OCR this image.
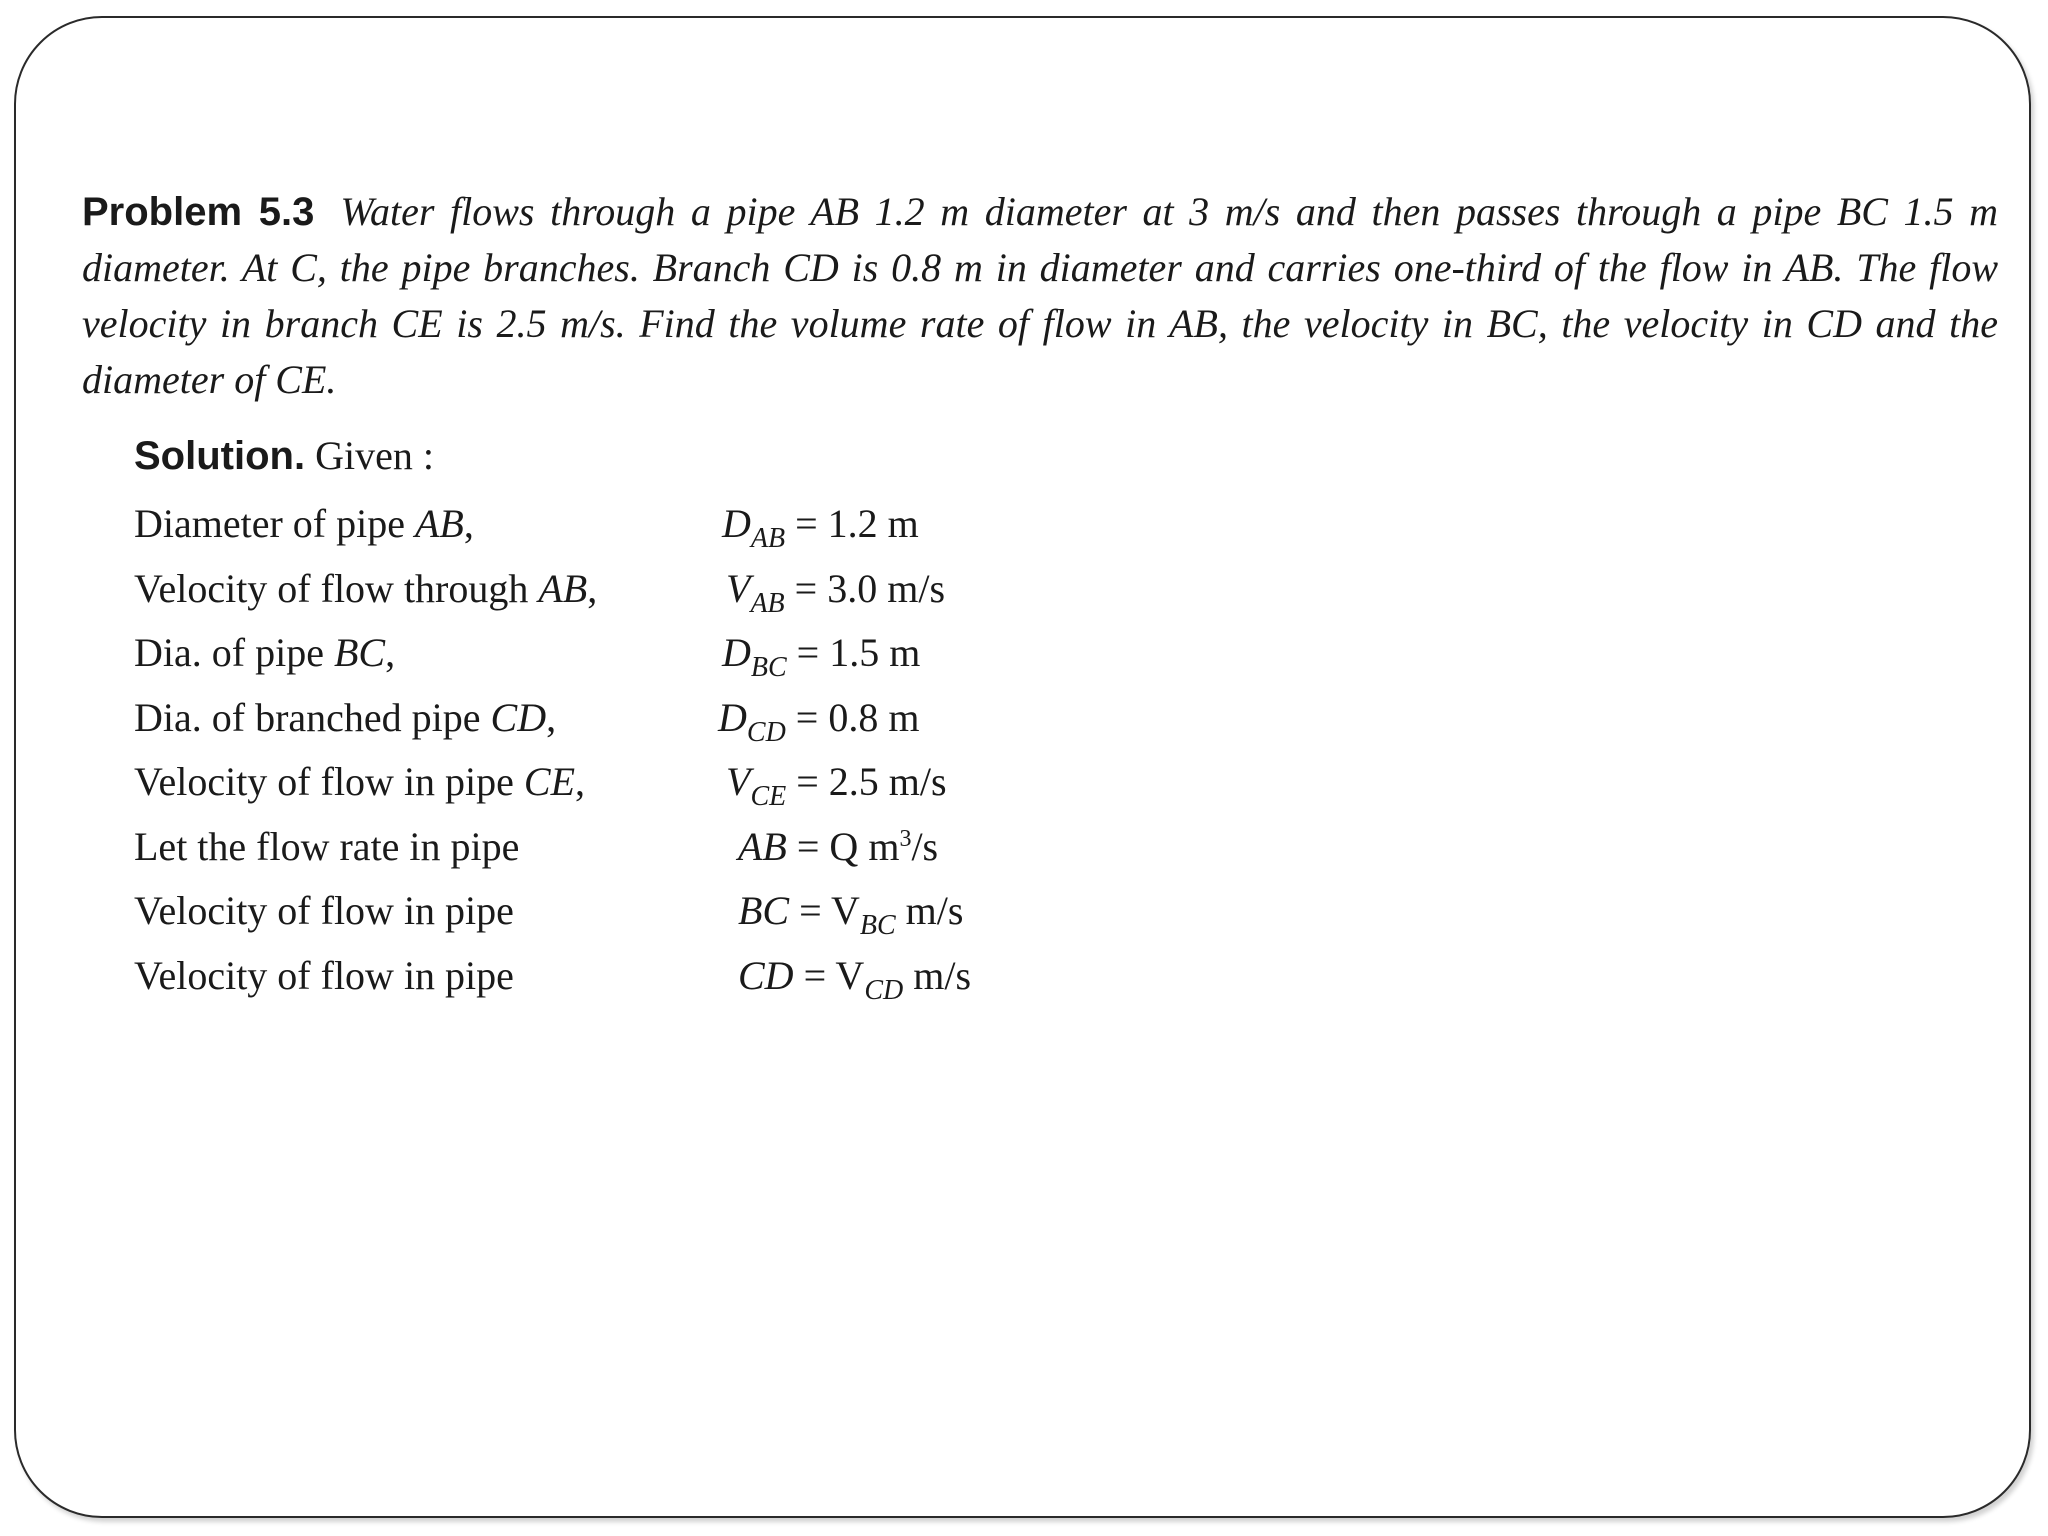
Problem 5.3 Water flows through a pipe AB 1.2 m diameter at 3 m/s and then passes through a pipe BC 1.5 m diameter. At C, the pipe branches. Branch CD is 0.8 m in diameter and carries one-third of the flow in AB. The flow velocity in branch CE is 2.5 m/s. Find the volume rate of flow in AB, the velocity in BC, the velocity in CD and the diameter of CE.
Solution. Given :
Diameter of pipe AB,	$D_{AB} = 1.2$ m
Velocity of flow through AB,	$V_{AB} = 3.0$ m/s
Dia. of pipe BC,	$D_{BC} = 1.5$ m
Dia. of branched pipe CD,	$D_{CD} = 0.8$ m
Velocity of flow in pipe CE,	$V_{CE} = 2.5$ m/s
Let the flow rate in pipe	AB = Q $m^3/s$
Velocity of flow in pipe	BC = $V_{BC}$ m/s
Velocity of flow in pipe	CD = $V_{CD}$ m/s
